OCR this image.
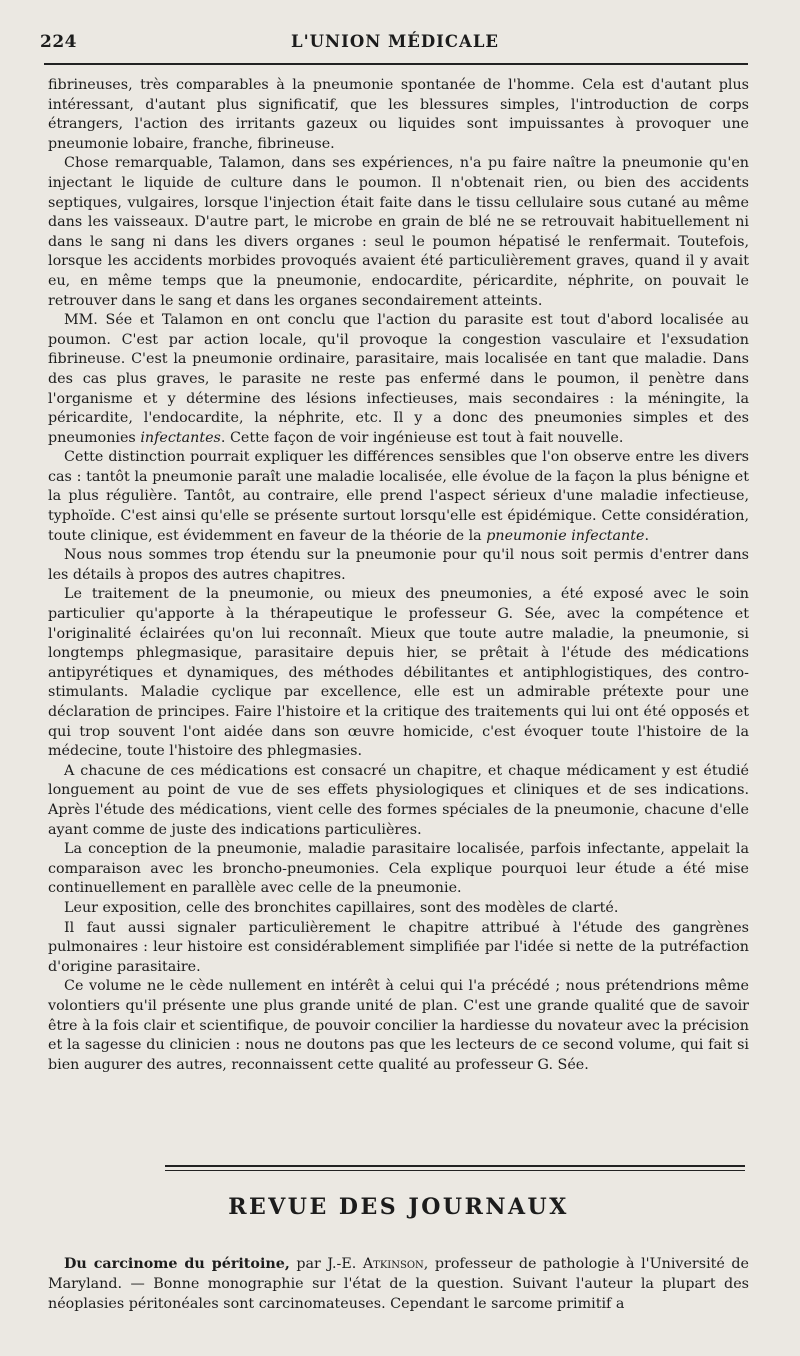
224	L'UNION MÉDICALE

fibrineuses, très comparables à la pneumonie spontanée de l'homme. Cela est d'autant plus intéressant, d'autant plus significatif, que les blessures simples, l'introduction de corps étrangers, l'action des irritants gazeux ou liquides sont impuissantes à provoquer une pneumonie lobaire, franche, fibrineuse.

Chose remarquable, Talamon, dans ses expériences, n'a pu faire naître la pneumonie qu'en injectant le liquide de culture dans le poumon. Il n'obtenait rien, ou bien des accidents septiques, vulgaires, lorsque l'injection était faite dans le tissu cellulaire sous cutané au même dans les vaisseaux. D'autre part, le microbe en grain de blé ne se retrouvait habituellement ni dans le sang ni dans les divers organes : seul le poumon hépatisé le renfermait. Toutefois, lorsque les accidents morbides provoqués avaient été particulièrement graves, quand il y avait eu, en même temps que la pneumonie, endocardite, péricardite, néphrite, on pouvait le retrouver dans le sang et dans les organes secondairement atteints.

MM. Sée et Talamon en ont conclu que l'action du parasite est tout d'abord localisée au poumon. C'est par action locale, qu'il provoque la congestion vasculaire et l'exsudation fibrineuse. C'est la pneumonie ordinaire, parasitaire, mais localisée en tant que maladie. Dans des cas plus graves, le parasite ne reste pas enfermé dans le poumon, il penètre dans l'organisme et y détermine des lésions infectieuses, mais secondaires : la méningite, la péricardite, l'endocardite, la néphrite, etc. Il y a donc des pneumonies simples et des pneumonies infectantes. Cette façon de voir ingénieuse est tout à fait nouvelle.

Cette distinction pourrait expliquer les différences sensibles que l'on observe entre les divers cas : tantôt la pneumonie paraît une maladie localisée, elle évolue de la façon la plus bénigne et la plus régulière. Tantôt, au contraire, elle prend l'aspect sérieux d'une maladie infectieuse, typhoïde. C'est ainsi qu'elle se présente surtout lorsqu'elle est épidémique. Cette considération, toute clinique, est évidemment en faveur de la théorie de la pneumonie infectante.

Nous nous sommes trop étendu sur la pneumonie pour qu'il nous soit permis d'entrer dans les détails à propos des autres chapitres.

Le traitement de la pneumonie, ou mieux des pneumonies, a été exposé avec le soin particulier qu'apporte à la thérapeutique le professeur G. Sée, avec la compétence et l'originalité éclairées qu'on lui reconnaît. Mieux que toute autre maladie, la pneumonie, si longtemps phlegmasique, parasitaire depuis hier, se prêtait à l'étude des médications antipyrétiques et dynamiques, des méthodes débilitantes et antiphlogistiques, des contro-stimulants. Maladie cyclique par excellence, elle est un admirable prétexte pour une déclaration de principes. Faire l'histoire et la critique des traitements qui lui ont été opposés et qui trop souvent l'ont aidée dans son œuvre homicide, c'est évoquer toute l'histoire de la médecine, toute l'histoire des phlegmasies.

A chacune de ces médications est consacré un chapitre, et chaque médicament y est étudié longuement au point de vue de ses effets physiologiques et cliniques et de ses indications. Après l'étude des médications, vient celle des formes spéciales de la pneumonie, chacune d'elle ayant comme de juste des indications particulières.

La conception de la pneumonie, maladie parasitaire localisée, parfois infectante, appelait la comparaison avec les broncho-pneumonies. Cela explique pourquoi leur étude a été mise continuellement en parallèle avec celle de la pneumonie.

Leur exposition, celle des bronchites capillaires, sont des modèles de clarté.

Il faut aussi signaler particulièrement le chapitre attribué à l'étude des gangrènes pulmonaires : leur histoire est considérablement simplifiée par l'idée si nette de la putréfaction d'origine parasitaire.

Ce volume ne le cède nullement en intérêt à celui qui l'a précédé ; nous prétendrions même volontiers qu'il présente une plus grande unité de plan. C'est une grande qualité que de savoir être à la fois clair et scientifique, de pouvoir concilier la hardiesse du novateur avec la précision et la sagesse du clinicien : nous ne doutons pas que les lecteurs de ce second volume, qui fait si bien augurer des autres, reconnaissent cette qualité au professeur G. Sée.

REVUE DES JOURNAUX
Du carcinome du péritoine, par J.-E. Atkinson, professeur de pathologie à l'Université de Maryland. — Bonne monographie sur l'état de la question. Suivant l'auteur la plupart des néoplasies péritonéales sont carcinomateuses. Cependant le sarcome primitif a
